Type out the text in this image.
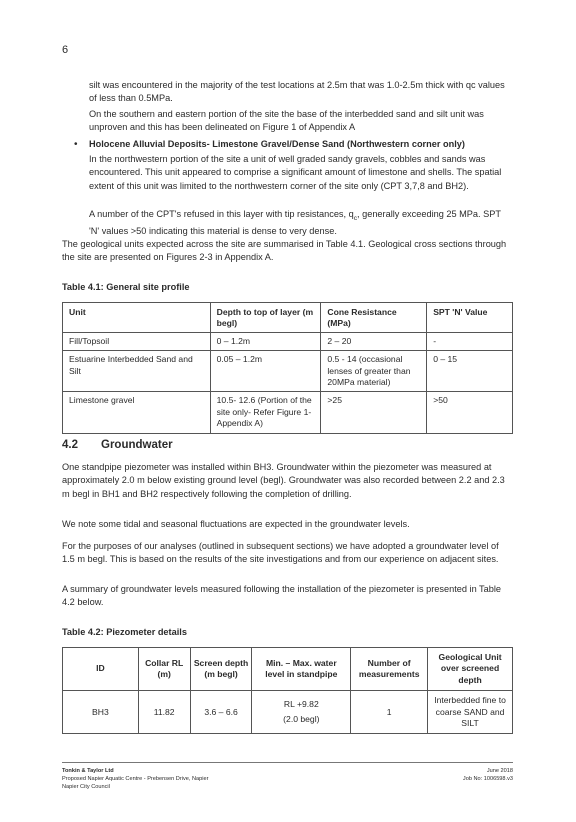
6

silt was encountered in the majority of the test locations at 2.5m that was 1.0-2.5m thick with qc values of less than 0.5MPa.

On the southern and eastern portion of the site the base of the interbedded sand and silt unit was unproven and this has been delineated on Figure 1 of Appendix A

• Holocene Alluvial Deposits- Limestone Gravel/Dense Sand (Northwestern corner only)

In the northwestern portion of the site a unit of well graded sandy gravels, cobbles and sands was encountered. This unit appeared to comprise a significant amount of limestone and shells. The spatial extent of this unit was limited to the northwestern corner of the site only (CPT 3,7,8 and BH2).

A number of the CPT's refused in this layer with tip resistances, $q_c$, generally exceeding 25 MPa. SPT 'N' values >50 indicating this material is dense to very dense.

The geological units expected across the site are summarised in Table 4.1. Geological cross sections through the site are presented on Figures 2-3 in Appendix A.

Table 4.1: General site profile

Unit	Depth to top of layer (m begl)	Cone Resistance (MPa)	SPT 'N' Value
Fill/Topsoil	0 – 1.2m	2 – 20	-
Estuarine Interbedded Sand and Silt	0.05 – 1.2m	0.5 - 14 (occasional lenses of greater than 20MPa material)	0 – 15
Limestone gravel	10.5- 12.6 (Portion of the site only- Refer Figure 1- Appendix A)	>25	>50
4.2 Groundwater

One standpipe piezometer was installed within BH3. Groundwater within the piezometer was measured at approximately 2.0 m below existing ground level (begl). Groundwater was also recorded between 2.2 and 2.3 m begl in BH1 and BH2 respectively following the completion of drilling.

We note some tidal and seasonal fluctuations are expected in the groundwater levels.

For the purposes of our analyses (outlined in subsequent sections) we have adopted a groundwater level of 1.5 m begl. This is based on the results of the site investigations and from our experience on adjacent sites.

A summary of groundwater levels measured following the installation of the piezometer is presented in Table 4.2 below.

Table 4.2: Piezometer details

ID	Collar RL (m)	Screen depth (m begl)	Min. – Max. water level in standpipe	Number of measurements	Geological Unit over screened depth
BH3	11.82	3.6 – 6.6	RL +9.82
(2.0 begl)	1	Interbedded fine to coarse SAND and SILT
Tonkin & Taylor Ltd
Proposed Napier Aquatic Centre - Prebensen Drive, Napier
Napier City Council
June 2018
Job No: 1006598.v3
